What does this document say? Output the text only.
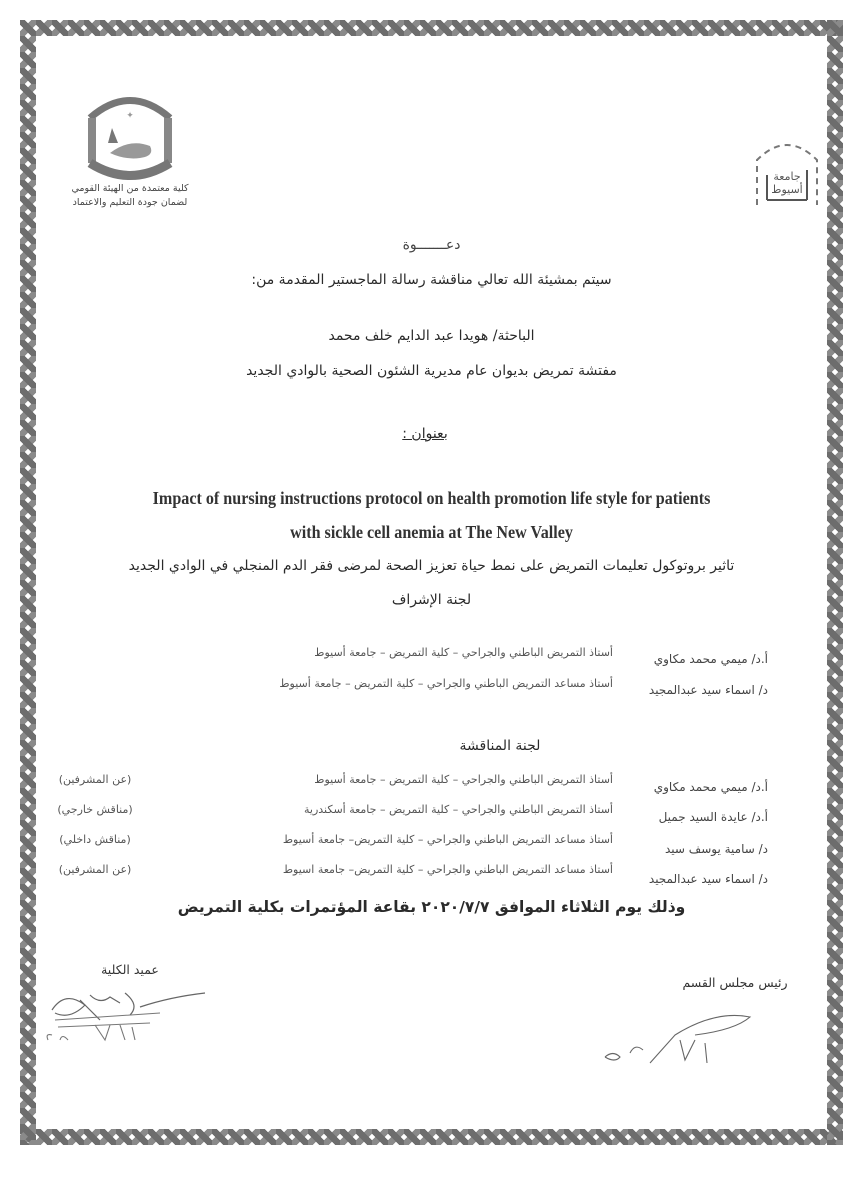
✦
كلية معتمدة من الهيئة القومي
لضمان جودة التعليم والاعتماد
جامعة أسيوط
دعـــــــوة
سيتم بمشيئة الله تعالي مناقشة رسالة الماجستير المقدمة من:
الباحثة/ هويدا عبد الدايم خلف محمد
مفتشة تمريض بديوان عام مديرية الشئون الصحية بالوادي الجديد
بعنوان :
Impact of nursing instructions protocol on health promotion life style for patients
with sickle cell anemia at The New Valley
تاثير بروتوكول تعليمات التمريض على نمط حياة تعزيز الصحة لمرضى فقر الدم المنجلي في الوادي الجديد
لجنة الإشراف
أ.د/ ميمي محمد مكاوي
أستاذ التمريض الباطني والجراحي – كلية التمريض – جامعة أسيوط
د/ اسماء سيد عبدالمجيد
أستاذ مساعد التمريض الباطني والجراحي – كلية التمريض – جامعة أسيوط
لجنة المناقشة
أ.د/ ميمي محمد مكاوي
أستاذ التمريض الباطني والجراحي – كلية التمريض – جامعة أسيوط
(عن المشرفين)
أ.د/ عايدة السيد جميل
أستاذ التمريض الباطني والجراحي – كلية التمريض – جامعة أسكندرية
(مناقش خارجي)
د/ سامية يوسف سيد
أستاذ مساعد التمريض الباطني والجراحي – كلية التمريض– جامعة أسيوط
(مناقش داخلي)
د/ اسماء سيد عبدالمجيد
أستاذ مساعد التمريض الباطني والجراحي – كلية التمريض– جامعة اسيوط
(عن المشرفين)
وذلك يوم الثلاثاء الموافق ٢٠٢٠/٧/٧ بقاعة المؤتمرات بكلية التمريض
عميد الكلية
رئيس مجلس القسم
